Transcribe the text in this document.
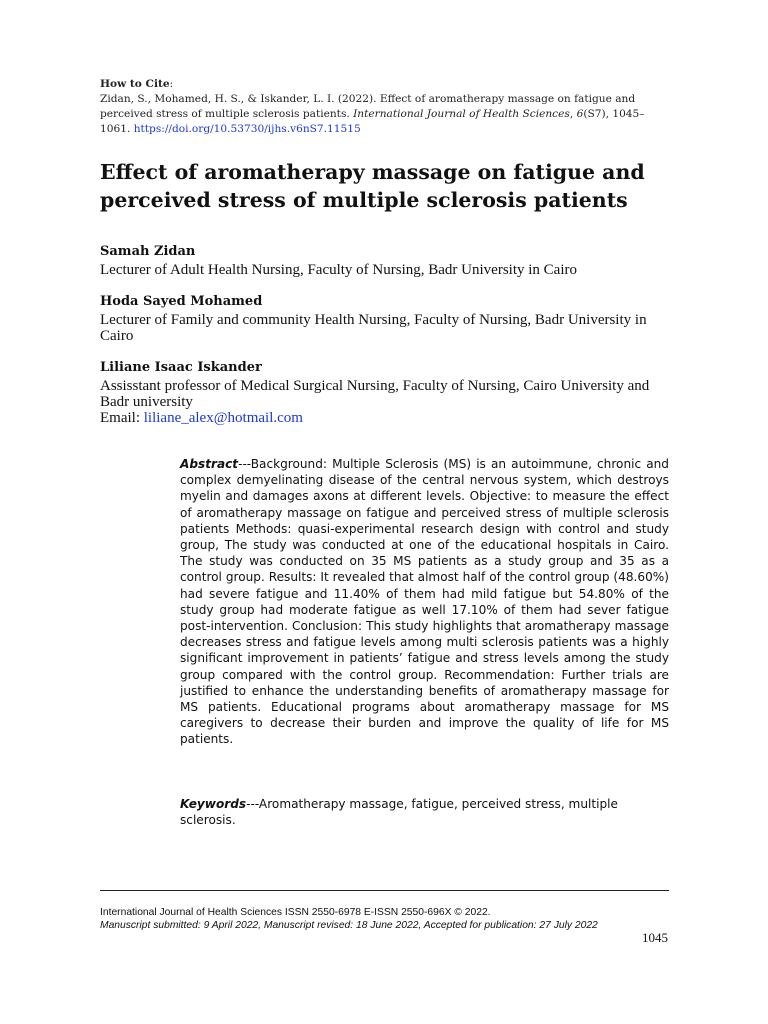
How to Cite:
Zidan, S., Mohamed, H. S., & Iskander, L. I. (2022). Effect of aromatherapy massage on fatigue and perceived stress of multiple sclerosis patients. International Journal of Health Sciences, 6(S7), 1045–1061. https://doi.org/10.53730/ijhs.v6nS7.11515
Effect of aromatherapy massage on fatigue and perceived stress of multiple sclerosis patients
Samah Zidan
Lecturer of Adult Health Nursing, Faculty of Nursing, Badr University in Cairo
Hoda Sayed Mohamed
Lecturer of Family and community Health Nursing, Faculty of Nursing, Badr University in Cairo
Liliane Isaac Iskander
Assisstant professor of Medical Surgical Nursing, Faculty of Nursing, Cairo University and Badr university
Email: liliane_alex@hotmail.com
Abstract---Background: Multiple Sclerosis (MS) is an autoimmune, chronic and complex demyelinating disease of the central nervous system, which destroys myelin and damages axons at different levels. Objective: to measure the effect of aromatherapy massage on fatigue and perceived stress of multiple sclerosis patients Methods: quasi-experimental research design with control and study group, The study was conducted at one of the educational hospitals in Cairo. The study was conducted on 35 MS patients as a study group and 35 as a control group. Results: It revealed that almost half of the control group (48.60%) had severe fatigue and 11.40% of them had mild fatigue but 54.80% of the study group had moderate fatigue as well 17.10% of them had sever fatigue post-intervention. Conclusion: This study highlights that aromatherapy massage decreases stress and fatigue levels among multi sclerosis patients was a highly significant improvement in patients’ fatigue and stress levels among the study group compared with the control group. Recommendation: Further trials are justified to enhance the understanding benefits of aromatherapy massage for MS patients. Educational programs about aromatherapy massage for MS caregivers to decrease their burden and improve the quality of life for MS patients.
Keywords---Aromatherapy massage, fatigue, perceived stress, multiple sclerosis.
International Journal of Health Sciences ISSN 2550-6978 E-ISSN 2550-696X © 2022.
Manuscript submitted: 9 April 2022, Manuscript revised: 18 June 2022, Accepted for publication: 27 July 2022
1045
